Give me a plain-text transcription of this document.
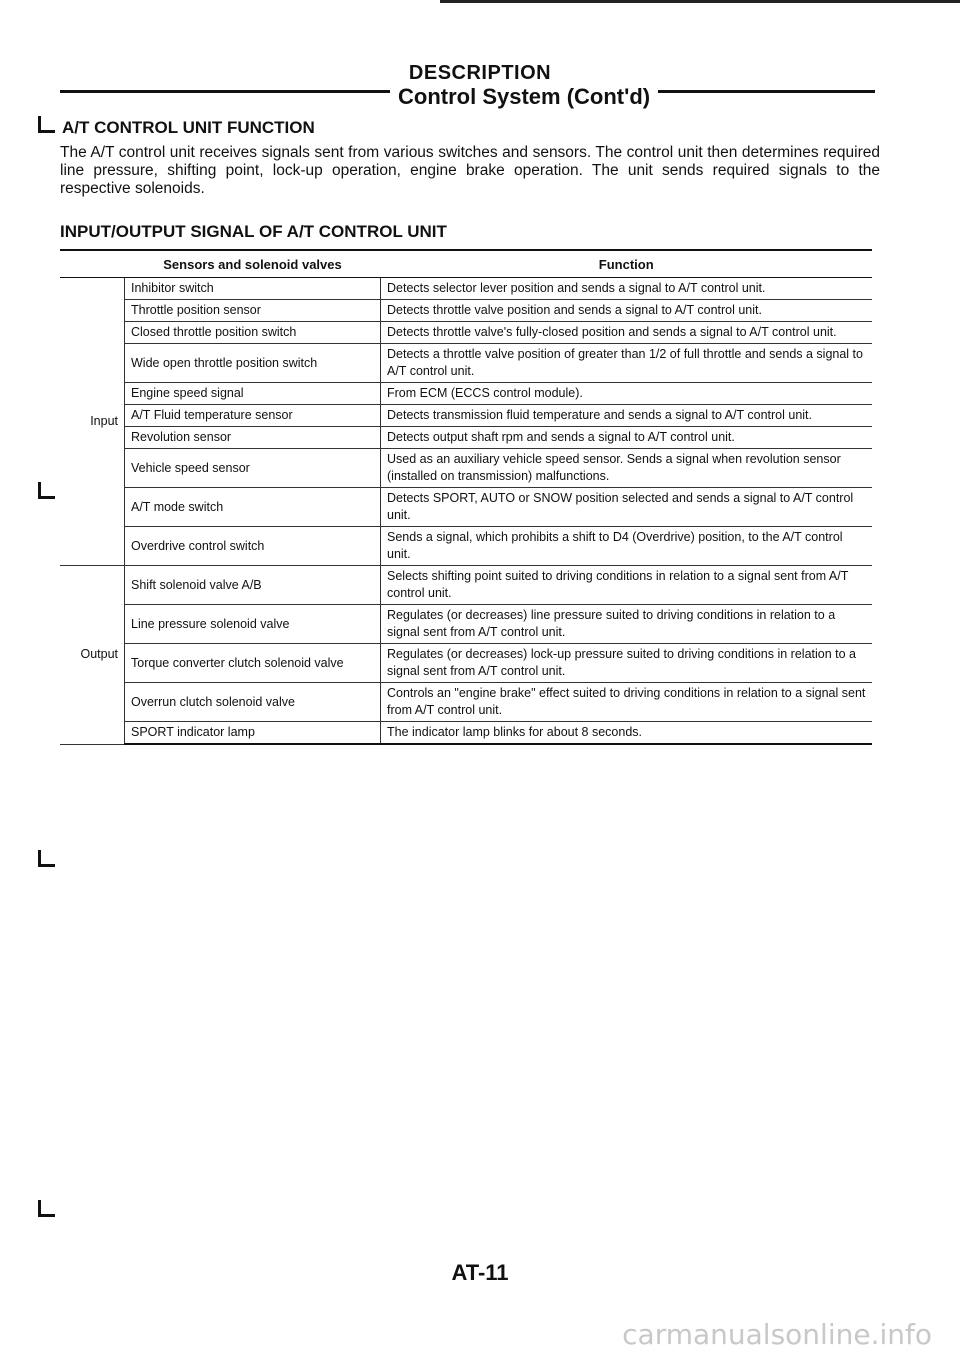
DESCRIPTION
Control System (Cont'd)
A/T CONTROL UNIT FUNCTION
The A/T control unit receives signals sent from various switches and sensors. The control unit then determines required line pressure, shifting point, lock-up operation, engine brake operation. The unit sends required signals to the respective solenoids.
INPUT/OUTPUT SIGNAL OF A/T CONTROL UNIT
	Sensors and solenoid valves	Function
Input	Inhibitor switch	Detects selector lever position and sends a signal to A/T control unit.
	Throttle position sensor	Detects throttle valve position and sends a signal to A/T control unit.
	Closed throttle position switch	Detects throttle valve's fully-closed position and sends a signal to A/T control unit.
	Wide open throttle position switch	Detects a throttle valve position of greater than 1/2 of full throttle and sends a signal to A/T control unit.
	Engine speed signal	From ECM (ECCS control module).
	A/T Fluid temperature sensor	Detects transmission fluid temperature and sends a signal to A/T control unit.
	Revolution sensor	Detects output shaft rpm and sends a signal to A/T control unit.
	Vehicle speed sensor	Used as an auxiliary vehicle speed sensor. Sends a signal when revolution sensor (installed on transmission) malfunctions.
	A/T mode switch	Detects SPORT, AUTO or SNOW position selected and sends a signal to A/T control unit.
	Overdrive control switch	Sends a signal, which prohibits a shift to D4 (Overdrive) position, to the A/T control unit.
Output	Shift solenoid valve A/B	Selects shifting point suited to driving conditions in relation to a signal sent from A/T control unit.
	Line pressure solenoid valve	Regulates (or decreases) line pressure suited to driving conditions in relation to a signal sent from A/T control unit.
	Torque converter clutch solenoid valve	Regulates (or decreases) lock-up pressure suited to driving conditions in relation to a signal sent from A/T control unit.
	Overrun clutch solenoid valve	Controls an "engine brake" effect suited to driving conditions in relation to a signal sent from A/T control unit.
	SPORT indicator lamp	The indicator lamp blinks for about 8 seconds.
AT-11
carmanualsonline.info
